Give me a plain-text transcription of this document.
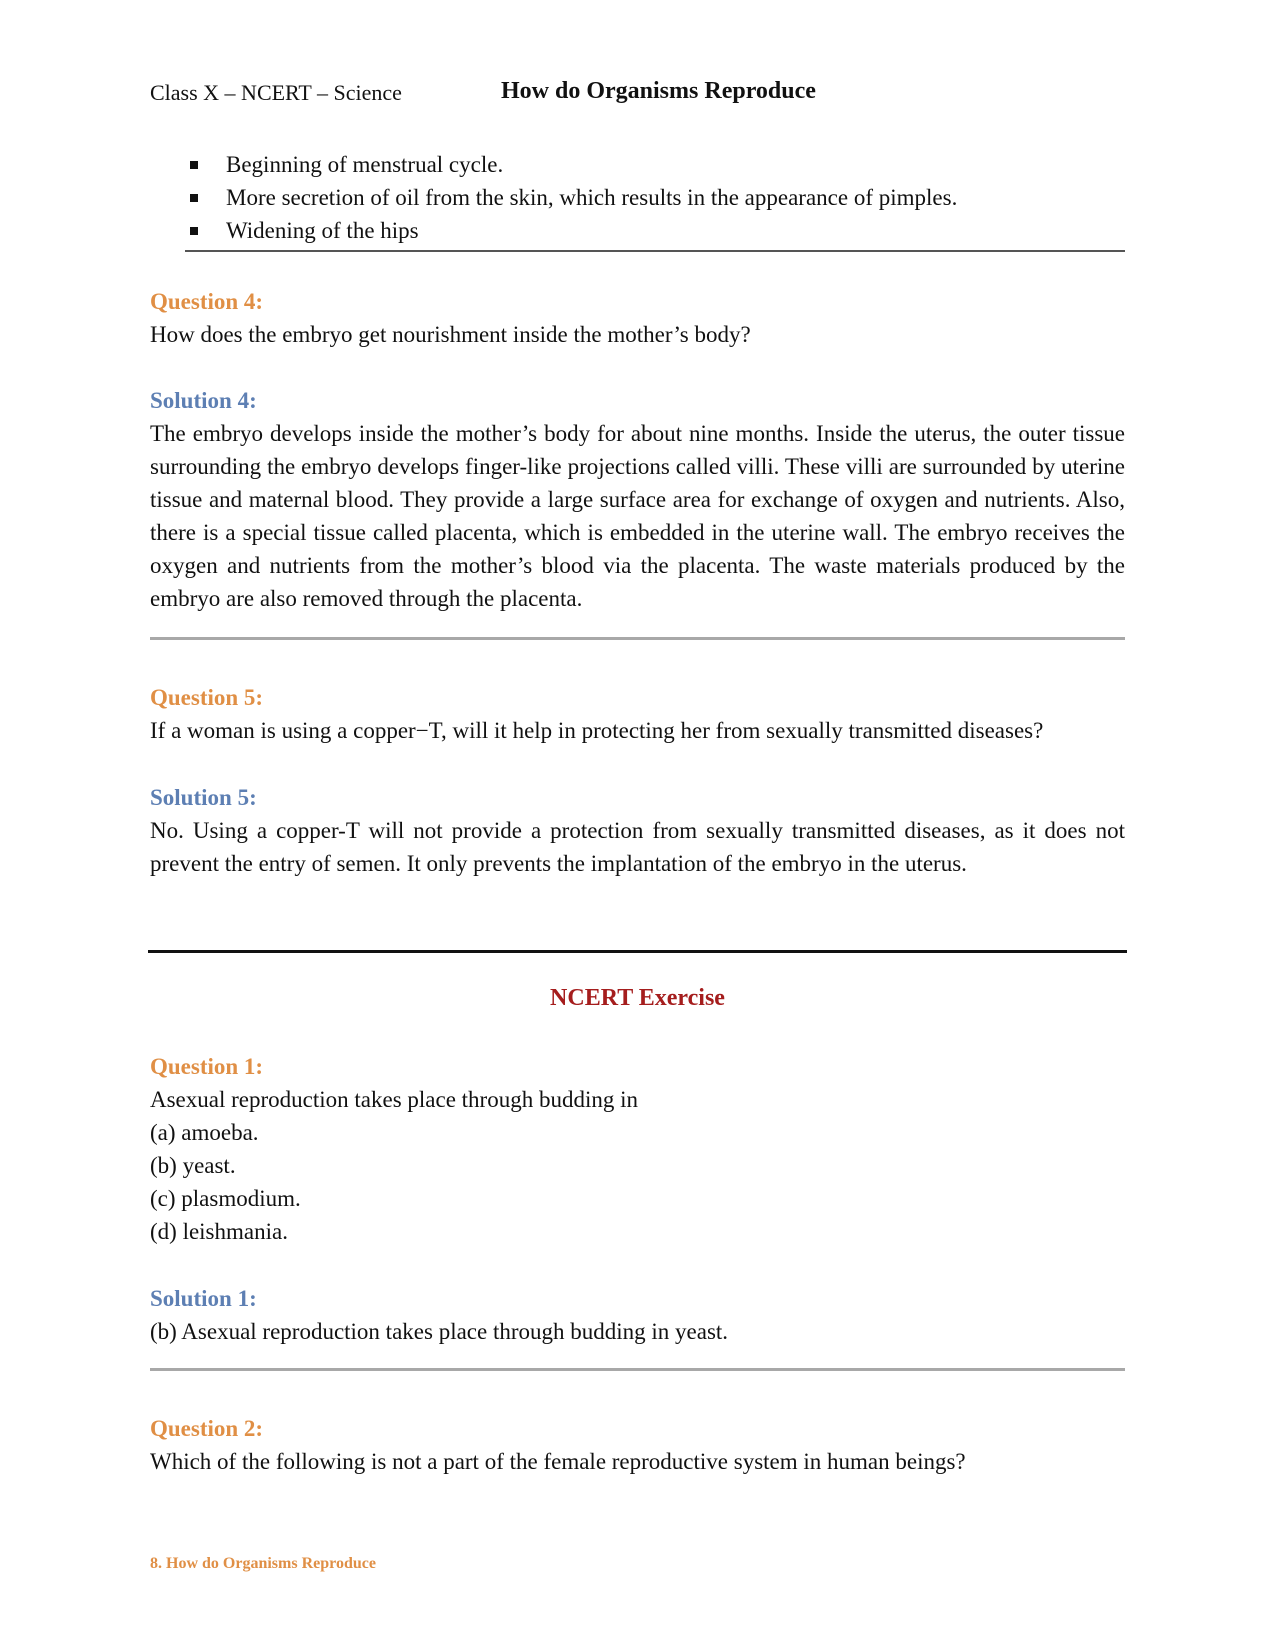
Class X – NCERT – Science	How do Organisms Reproduce
Beginning of menstrual cycle.
More secretion of oil from the skin, which results in the appearance of pimples.
Widening of the hips
Question 4:
How does the embryo get nourishment inside the mother’s body?
Solution 4:
The embryo develops inside the mother’s body for about nine months. Inside the uterus, the outer tissue surrounding the embryo develops finger-like projections called villi. These villi are surrounded by uterine tissue and maternal blood. They provide a large surface area for exchange of oxygen and nutrients. Also, there is a special tissue called placenta, which is embedded in the uterine wall. The embryo receives the oxygen and nutrients from the mother’s blood via the placenta. The waste materials produced by the embryo are also removed through the placenta.
Question 5:
If a woman is using a copper−T, will it help in protecting her from sexually transmitted diseases?
Solution 5:
No. Using a copper-T will not provide a protection from sexually transmitted diseases, as it does not prevent the entry of semen. It only prevents the implantation of the embryo in the uterus.
NCERT Exercise
Question 1:
Asexual reproduction takes place through budding in
(a) amoeba.
(b) yeast.
(c) plasmodium.
(d) leishmania.
Solution 1:
(b) Asexual reproduction takes place through budding in yeast.
Question 2:
Which of the following is not a part of the female reproductive system in human beings?
8. How do Organisms Reproduce
